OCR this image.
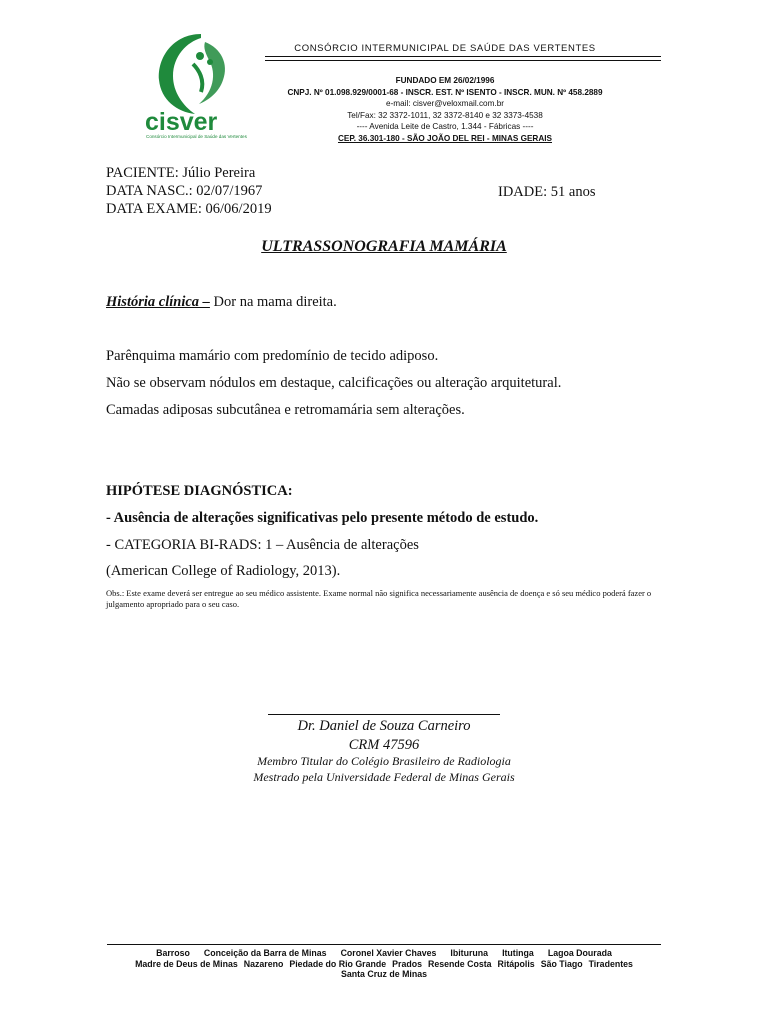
cisver
Consórcio Intermunicipal de Saúde das Vertentes
CONSÓRCIO INTERMUNICIPAL DE SAÚDE DAS VERTENTES
FUNDADO EM 26/02/1996
CNPJ. Nº 01.098.929/0001-68 - INSCR. EST. Nº ISENTO - INSCR. MUN. Nº 458.2889
e-mail: cisver@veloxmail.com.br
Tel/Fax: 32 3372-1011, 32 3372-8140 e 32 3373-4538
---- Avenida Leite de Castro, 1.344 - Fábricas ----
CEP. 36.301-180 - SÃO JOÃO DEL REI - MINAS GERAIS
PACIENTE: Júlio Pereira
DATA NASC.: 02/07/1967
DATA EXAME: 06/06/2019
IDADE: 51 anos
ULTRASSONOGRAFIA MAMÁRIA
História clínica – Dor na mama direita.
Parênquima mamário com predomínio de tecido adiposo.
Não se observam nódulos em destaque, calcificações ou alteração arquitetural.
Camadas adiposas subcutânea e retromamária sem alterações.
HIPÓTESE DIAGNÓSTICA:
- Ausência de alterações significativas pelo presente método de estudo.
- CATEGORIA BI-RADS: 1 – Ausência de alterações
(American College of Radiology, 2013).
Obs.: Este exame deverá ser entregue ao seu médico assistente. Exame normal não significa necessariamente ausência de doença e só seu médico poderá fazer o julgamento apropriado para o seu caso.
Dr. Daniel de Souza Carneiro
CRM 47596
Membro Titular do Colégio Brasileiro de Radiologia
Mestrado pela Universidade Federal de Minas Gerais
Barroso Conceição da Barra de Minas Coronel Xavier Chaves Ibituruna Itutinga Lagoa Dourada
Madre de Deus de Minas Nazareno Piedade do Rio Grande Prados Resende Costa Ritápolis São Tiago Tiradentes
Santa Cruz de Minas
